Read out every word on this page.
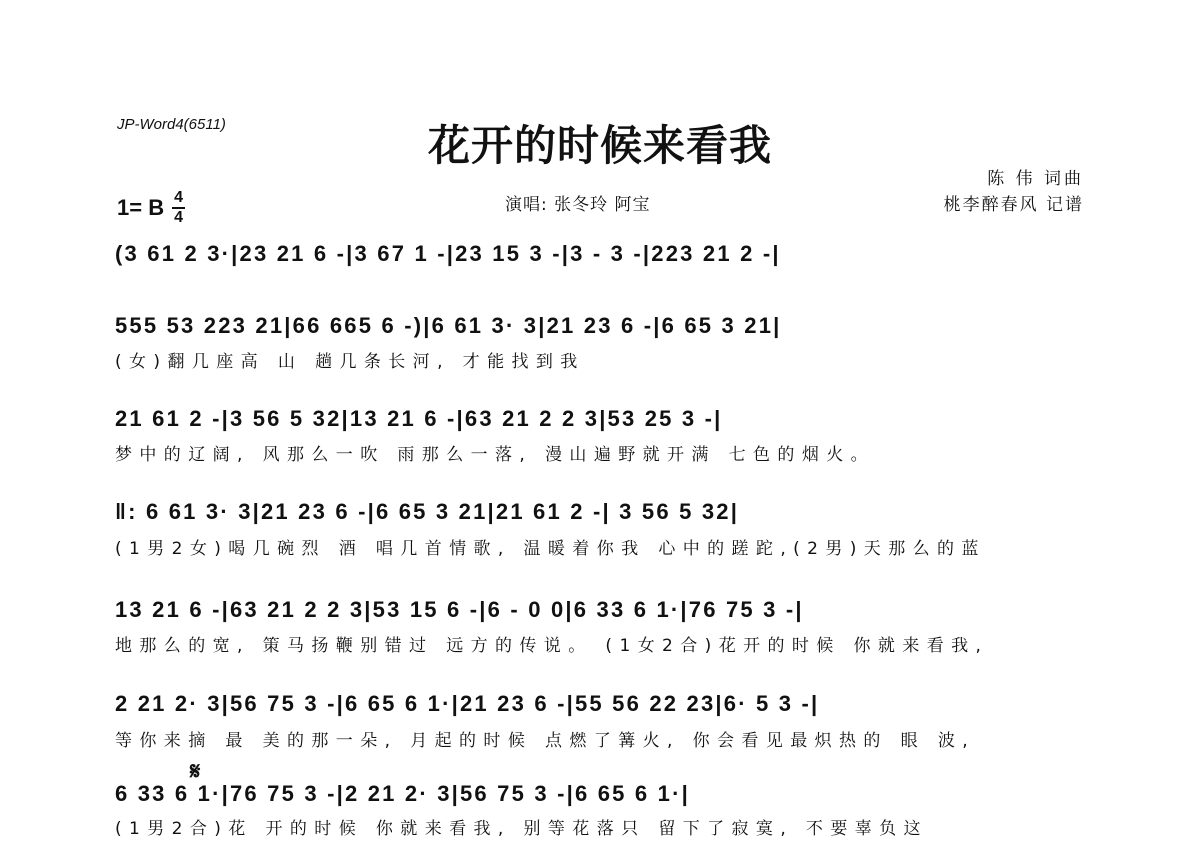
JP-Word4(6511)	花开的时候来看我
陈 伟 词曲
桃李醉春风 记谱
演唱: 张冬玲 阿宝
1= B 4
4
(3 61 2 3·|23 21 6 -|3 67 1 -|23 15 3 -|3 - 3 -|223 21 2 -|
555 53 223 21|66 665 6 -)|6 61 3· 3|21 23 6 -|6 65 3 21|
(女)翻几座高 山 趟几条长河, 才能找到我
21 61 2 -|3 56 5 32|13 21 6 -|63 21 2 2 3|53 25 3 -|
梦中的辽阔, 风那么一吹 雨那么一落, 漫山遍野就开满 七色的烟火。
‖: 6 61 3· 3|21 23 6 -|6 65 3 21|21 61 2 -| 3 56 5 32|
(1男2女)喝几碗烈 酒 唱几首情歌, 温暖着你我 心中的蹉跎,(2男)天那么的蓝
13 21 6 -|63 21 2 2 3|53 15 6 -|6 - 0 0|6 33 6 1·|76 75 3 -|
地那么的宽, 策马扬鞭别错过 远方的传说。 (1女2合)花开的时候 你就来看我,
2 21 2· 3|56 75 3 -|6 65 6 1·|21 23 6 -|55 56 22 23|6· 5 3 -|
等你来摘 最 美的那一朵, 月起的时候 点燃了篝火, 你会看见最炽热的 眼 波,
𝄋
6 33 6 1·|76 75 3 -|2 21 2· 3|56 75 3 -|6 65 6 1·|
(1男2合)花 开的时候 你就来看我, 别等花落只 留下了寂寞, 不要辜负这
